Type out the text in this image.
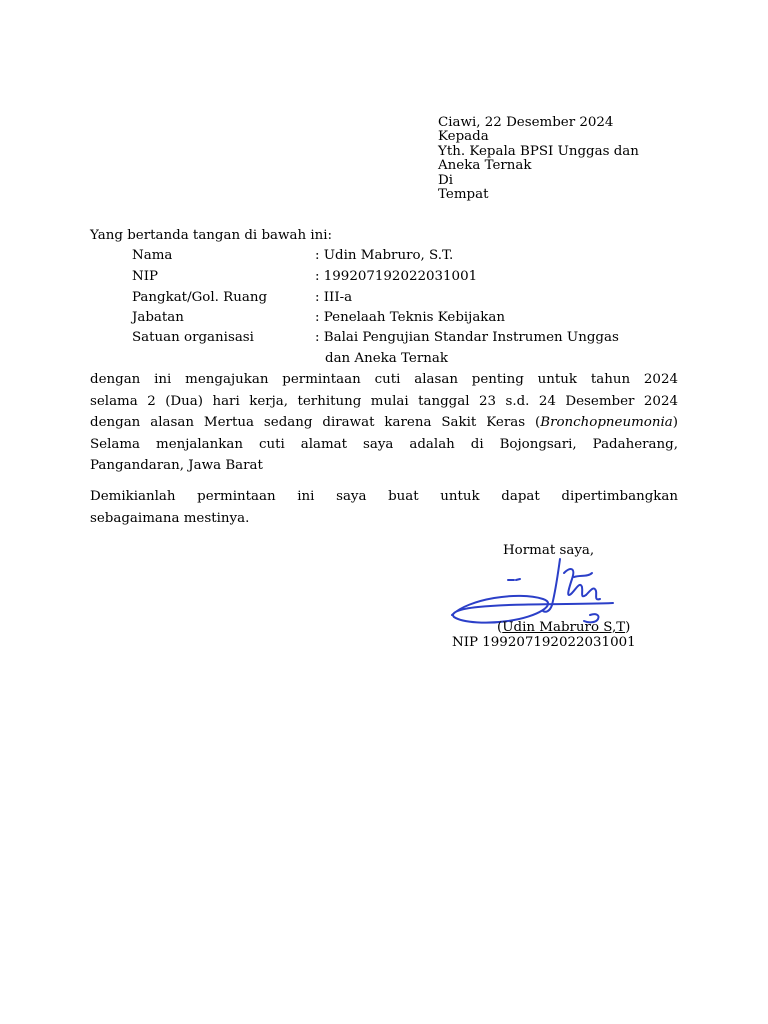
Ciawi, 22 Desember 2024
Kepada
Yth. Kepala BPSI Unggas dan
Aneka Ternak
Di
Tempat
Yang bertanda tangan di bawah ini:
Nama	: Udin Mabruro, S.T.
NIP	: 199207192022031001
Pangkat/Gol. Ruang	: III-a
Jabatan	: Penelaah Teknis Kebijakan
Satuan organisasi	: Balai Pengujian Standar Instrumen Unggas
dan Aneka Ternak
dengan ini mengajukan permintaan cuti alasan penting untuk tahun 2024
selama 2 (Dua) hari kerja, terhitung mulai tanggal 23 s.d. 24 Desember 2024
dengan alasan Mertua sedang dirawat karena Sakit Keras (Bronchopneumonia)
Selama menjalankan cuti alamat saya adalah di Bojongsari, Padaherang,
Pangandaran, Jawa Barat
Demikianlah permintaan ini saya buat untuk dapat dipertimbangkan
sebagaimana mestinya.
Hormat saya,
(Udin Mabruro S,T)
NIP 199207192022031001
